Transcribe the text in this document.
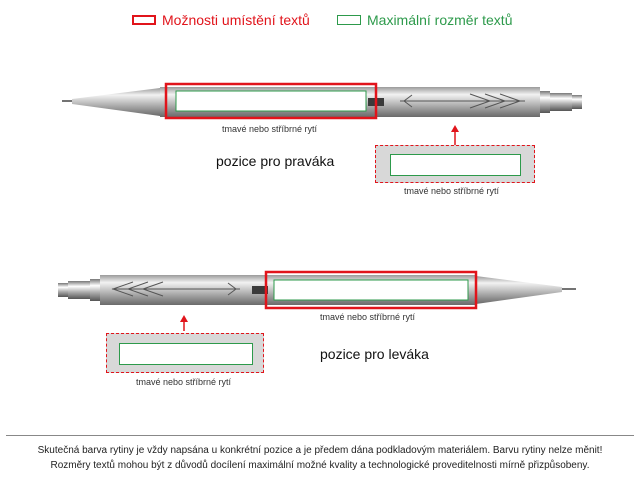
Možnosti umístění textů	Maximální rozměr textů
tmavé nebo stříbrné rytí
pozice pro praváka
tmavé nebo stříbrné rytí
tmavé nebo stříbrné rytí
pozice pro leváka
tmavé nebo stříbrné rytí
Skutečná barva rytiny je vždy napsána u konkrétní pozice a je předem dána podkladovým materiálem. Barvu rytiny nelze měnit!
Rozměry textů mohou být z důvodů docílení maximální možné kvality a technologické proveditelnosti mírně přizpůsobeny.
